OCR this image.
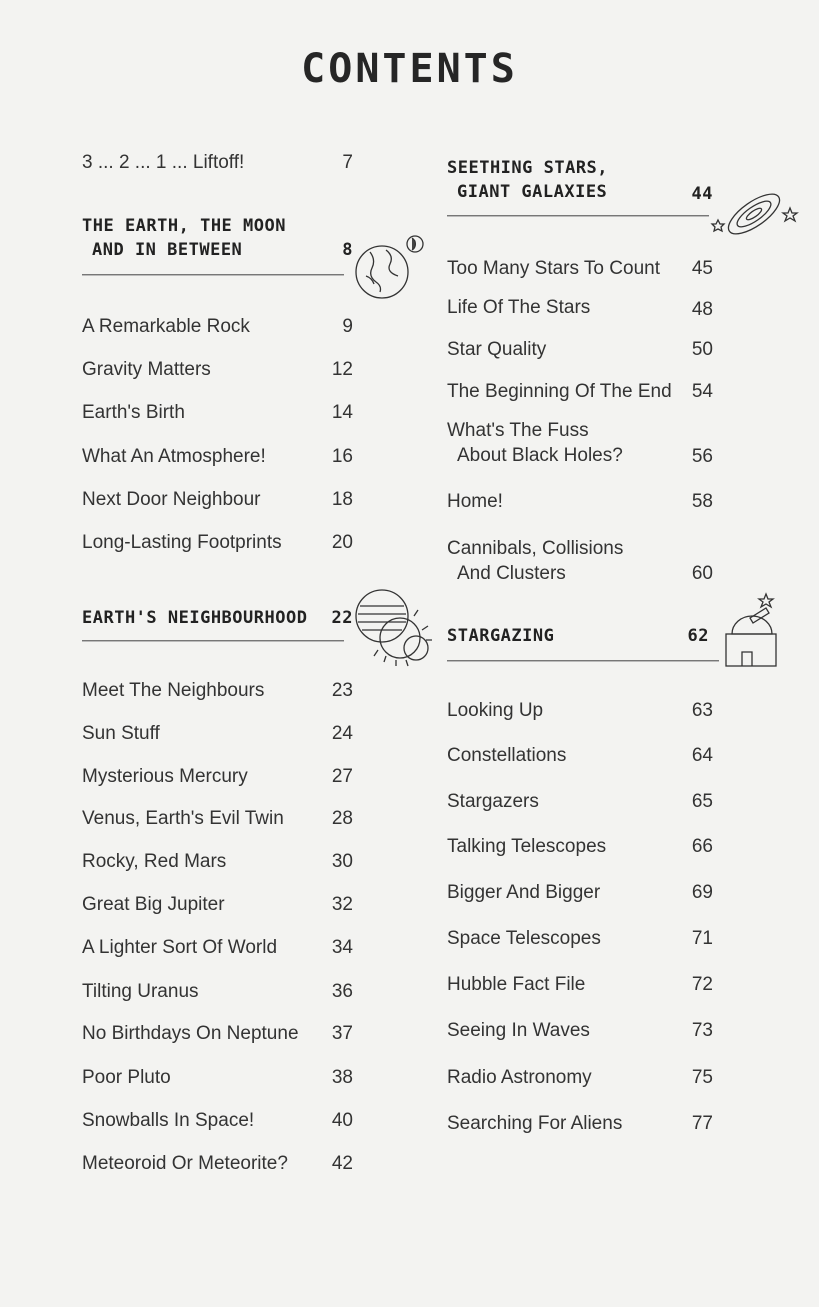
CONTENTS
3 ... 2 ... 1 ... Liftoff!	7
THE EARTH, THE MOON
AND IN BETWEEN	8
A Remarkable Rock	9
Gravity Matters	12
Earth's Birth	14
What An Atmosphere!	16
Next Door Neighbour	18
Long-Lasting Footprints	20
EARTH'S NEIGHBOURHOOD 22
Meet The Neighbours	23
Sun Stuff	24
Mysterious Mercury	27
Venus, Earth's Evil Twin	28
Rocky, Red Mars	30
Great Big Jupiter	32
A Lighter Sort Of World	34
Tilting Uranus	36
No Birthdays On Neptune 37
Poor Pluto	38
Snowballs In Space!	40
Meteoroid Or Meteorite? 42
SEETHING STARS,
GIANT GALAXIES	44
Too Many Stars To Count 45
Life Of The Stars	48
Star Quality	50
The Beginning Of The End 54
What's The Fuss
About Black Holes?	56
Home!	58
Cannibals, Collisions
And Clusters	60
STARGAZING	62
Looking Up	63
Constellations	64
Stargazers	65
Talking Telescopes	66
Bigger And Bigger	69
Space Telescopes	71
Hubble Fact File	72
Seeing In Waves	73
Radio Astronomy	75
Searching For Aliens	77
